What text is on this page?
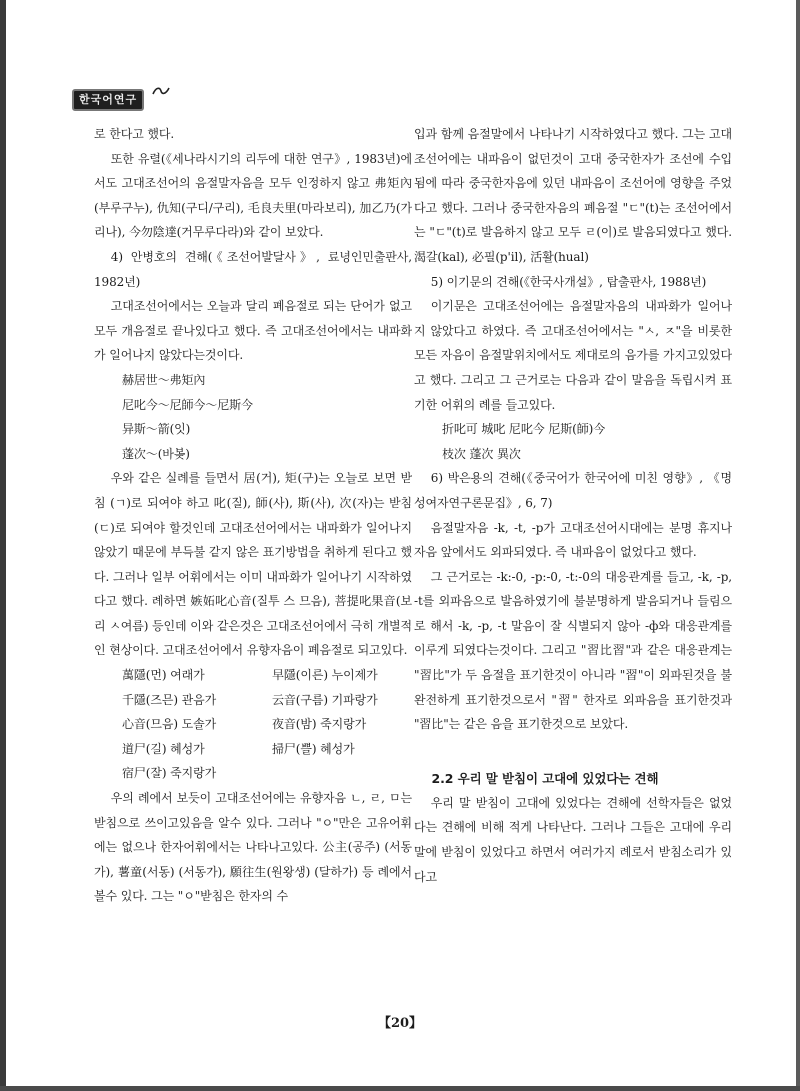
한국어연구

로 한다고 했다.

또한 유렬(《세나라시기의 리두에 대한 연구》, 1983년)에서도 고대조선어의 음절말자음을 모두 인정하지 않고 弗矩內(부루구누), 仇知(구디/구리), 毛良夫里(마라보리), 加乙乃(가리나), 今勿陰達(거무루다라)와 같이 보았다.

4) 안병호의 견해(《조선어발달사》, 료녕인민출판사, 1982년)

고대조선어에서는 오늘과 달리 폐음절로 되는 단어가 없고 모두 개음절로 끝나있다고 했다. 즉 고대조선어에서는 내파화가 일어나지 않았다는것이다.

赫居世～弗矩內

尼叱今～尼師今～尼斯今

异斯～箭(잇)

蓬次～(바봊)

우와 같은 실례를 들면서 居(거), 矩(구)는 오늘로 보면 받침 (ㄱ)로 되여야 하고 叱(질), 師(사), 斯(사), 次(자)는 받침 (ㄷ)로 되여야 할것인데 고대조선어에서는 내파화가 일어나지 않았기 때문에 부득불 같지 않은 표기방법을 취하게 된다고 했다. 그러나 일부 어휘에서는 이미 내파화가 일어나기 시작하였다고 했다. 례하면 嫉妬叱心音(질투 스 므음), 菩提叱果音(보리 ㅅ여름) 등인데 이와 같은것은 고대조선어에서 극히 개별적인 현상이다. 고대조선어에서 유향자음이 폐음절로 되고있다.

萬隱(먼) 여래가	早隱(이른) 누이제가
千隱(즈믄) 관음가	云音(구름) 기파랑가
心音(므음) 도솔가	夜音(밤) 죽지랑가
道尸(길) 혜성가	掃尸(쁠) 혜성가
宿尸(잘) 죽지랑가

우의 례에서 보듯이 고대조선어에는 유향자음 ㄴ, ㄹ, ㅁ는 받침으로 쓰이고있음을 알수 있다. 그러나 "ㅇ"만은 고유어휘에는 없으나 한자어휘에서는 나타나고있다. 公主(공주) (서동가), 薯童(서동) (서동가), 願往生(원왕생) (달하가) 등 례에서 볼수 있다. 그는 "ㅇ"받침은 한자의 수

입과 함께 음절말에서 나타나기 시작하였다고 했다. 그는 고대조선어에는 내파음이 없던것이 고대 중국한자가 조선에 수입됨에 따라 중국한자음에 있던 내파음이 조선어에 영향을 주었다고 했다. 그러나 중국한자음의 폐음절 "ㄷ"(t)는 조선어에서는 "ㄷ"(t)로 발음하지 않고 모두 ㄹ(이)로 발음되였다고 했다. 渴갈(kal), 必필(p'il), 活활(hual)

5) 이기문의 견해(《한국사개설》, 탑출판사, 1988년)

이기문은 고대조선어에는 음절말자음의 내파화가 일어나지 않았다고 하였다. 즉 고대조선어에서는 "ㅅ, ㅈ"을 비롯한 모든 자음이 음절말위치에서도 제대로의 음가를 가지고있었다고 했다. 그리고 그 근거로는 다음과 같이 말음을 독립시켜 표기한 어휘의 례를 들고있다.

折叱可 城叱 尼叱今 尼斯(師)今

枝次 蓬次 異次

6) 박은용의 견해(《중국어가 한국어에 미친 영향》, 《명성여자연구론문집》, 6, 7)

음절말자음 -k, -t, -p가 고대조선어시대에는 분명 휴지나 자음 앞에서도 외파되였다. 즉 내파음이 없었다고 했다.

그 근거로는 -k:-0, -p:-0, -t:-0의 대응관계를 들고, -k, -p, -t를 외파음으로 발음하였기에 불분명하게 발음되거나 들림으로 해서 -k, -p, -t 말음이 잘 식별되지 않아 -ф와 대응관계를 이루게 되였다는것이다. 그리고 "習比習"과 같은 대응관계는 "習比"가 두 음절을 표기한것이 아니라 "習"이 외파된것을 불완전하게 표기한것으로서 "習" 한자로 외파음을 표기한것과 "習比"는 같은 음을 표기한것으로 보았다.

2.2 우리 말 받침이 고대에 있었다는 견해

우리 말 받침이 고대에 있었다는 견해에 선학자들은 없었다는 견해에 비해 적게 나타난다. 그러나 그들은 고대에 우리 말에 받침이 있었다고 하면서 여러가지 례로서 받침소리가 있다고

【20】
